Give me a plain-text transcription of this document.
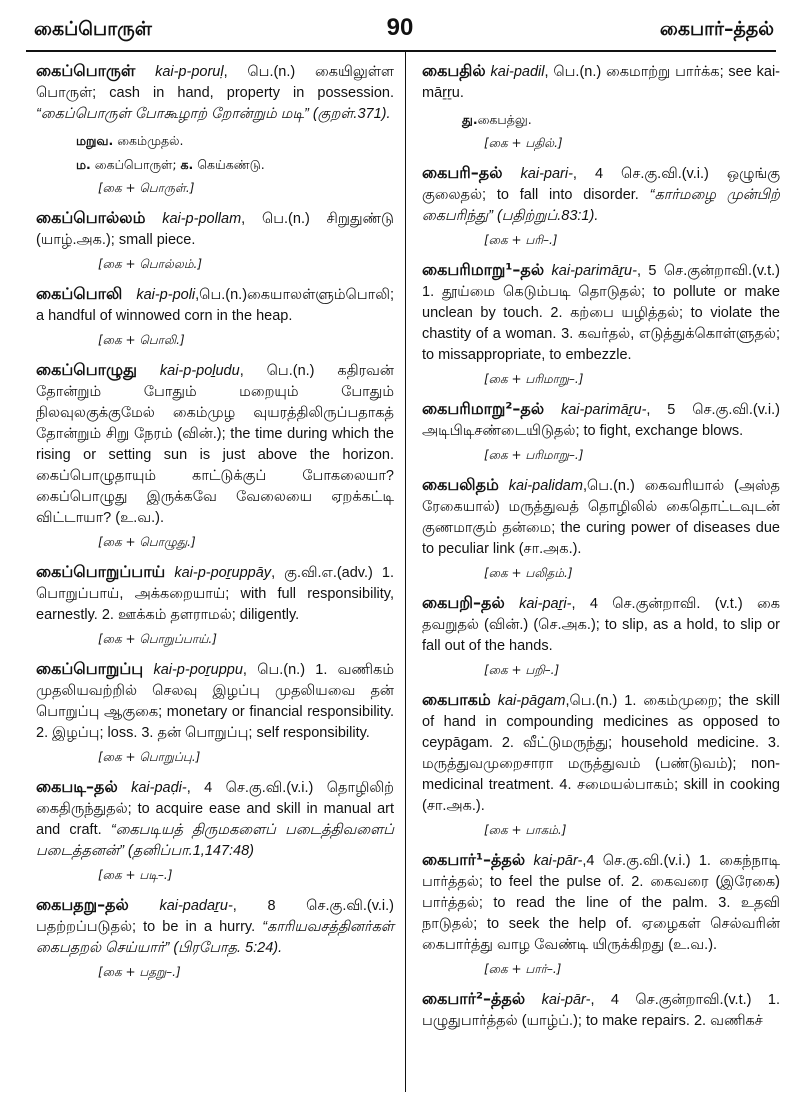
கைப்பொருள்	90	கைபார்–த்தல்
கைப்பொருள் kai-p-poruḷ, பெ.(n.) கையிலுள்ள பொருள்; cash in hand, property in possession. “கைப்பொருள் போகூழாற் றோன்றும் மடி” (குறள்.371).
மறுவ. கைம்முதல்.
ம. கைப்பொருள்; க. கெய்கண்டு.
[கை + பொருள்.]
கைப்பொல்லம் kai-p-pollam, பெ.(n.) சிறுதுண்டு (யாழ்.அக.); small piece.
[கை + பொல்லம்.]
கைப்பொலி kai-p-poli,பெ.(n.)கையாலள்ளும்பொலி; a handful of winnowed corn in the heap.
[கை + பொலி.]
கைப்பொழுது kai-p-poḻudu, பெ.(n.) கதிரவன் தோன்றும் போதும் மறையும் போதும் நிலவுலகுக்குமேல் கைம்முழ வுயரத்திலிருப்பதாகத் தோன்றும் சிறு நேரம் (வின்.); the time during which the rising or setting sun is just above the horizon. கைப்பொழுதாயும் காட்டுக்குப் போகலையா? கைப்பொழுது இருக்கவே வேலையை ஏறக்கட்டி விட்டாயா? (உ.வ.).
[கை + பொழுது.]
கைப்பொறுப்பாய் kai-p-poṟuppāy, கு.வி.எ.(adv.) 1. பொறுப்பாய், அக்கறையாய்; with full responsibility, earnestly. 2. ஊக்கம் தளராமல்; diligently.
[கை + பொறுப்பாய்.]
கைப்பொறுப்பு kai-p-poṟuppu, பெ.(n.) 1. வணிகம் முதலியவற்றில் செலவு இழப்பு முதலியவை தன் பொறுப்பு ஆகுகை; monetary or financial responsibility. 2. இழப்பு; loss. 3. தன் பொறுப்பு; self responsibility.
[கை + பொறுப்பு.]
கைபடி–தல் kai-paḍi-, 4 செ.கு.வி.(v.i.) தொழிலிற் கைதிருந்துதல்; to acquire ease and skill in manual art and craft. “கைபடியத் திருமகளைப் படைத்திவளைப் படைத்தனன்” (தனிப்பா.1,147:48)
[கை + படி–.]
கைபதறு–தல் kai-padaṟu-, 8 செ.கு.வி.(v.i.) பதற்றப்படுதல்; to be in a hurry. “காரியவசத்தினர்கள் கைபதறல் செய்யார்” (பிரபோத. 5:24).
[கை + பதறு–.]
கைபதில் kai-padil, பெ.(n.) கைமாற்று பார்க்க; see kai-māṟṟu.
து.கைபத்லு.
[கை + பதில்.]
கைபரி–தல் kai-pari-, 4 செ.கு.வி.(v.i.) ஒழுங்கு குலைதல்; to fall into disorder. “கார்மழை முன்பிற் கைபரிந்து” (பதிற்றுப்.83:1).
[கை + பரி–.]
கைபரிமாறு¹–தல் kai-parimāṟu-, 5 செ.குன்றாவி.(v.t.) 1. தூய்மை கெடும்படி தொடுதல்; to pollute or make unclean by touch. 2. கற்பை யழித்தல்; to violate the chastity of a woman. 3. கவர்தல், எடுத்துக்கொள்ளுதல்; to missappropriate, to embezzle.
[கை + பரிமாறு–.]
கைபரிமாறு²–தல் kai-parimāṟu-, 5 செ.கு.வி.(v.i.) அடிபிடிசண்டையிடுதல்; to fight, exchange blows.
[கை + பரிமாறு–.]
கைபலிதம் kai-palidam,பெ.(n.) கைவரியால் (அஸ்த ரேகையால்) மருத்துவத் தொழிலில் கைதொட்டவுடன் குணமாகும் தன்மை; the curing power of diseases due to peculiar link (சா.அக.).
[கை + பலிதம்.]
கைபறி–தல் kai-paṟi-, 4 செ.குன்றாவி. (v.t.) கை தவறுதல் (வின்.) (செ.அக.); to slip, as a hold, to slip or fall out of the hands.
[கை + பறி–.]
கைபாகம் kai-pāgam,பெ.(n.) 1. கைம்முறை; the skill of hand in compounding medicines as opposed to ceypāgam. 2. வீட்டுமருந்து; household medicine. 3. மருத்துவமுறைசாரா மருத்துவம் (பண்டுவம்); non-medicinal treatment. 4. சமையல்பாகம்; skill in cooking (சா.அக.).
[கை + பாகம்.]
கைபார்¹–த்தல் kai-pār-,4 செ.கு.வி.(v.i.) 1. கைந்நாடி பார்த்தல்; to feel the pulse of. 2. கைவரை (இரேகை) பார்த்தல்; to read the line of the palm. 3. உதவி நாடுதல்; to seek the help of. ஏழைகள் செல்வரின் கைபார்த்து வாழ வேண்டி யிருக்கிறது (உ.வ.).
[கை + பார்–.]
கைபார்²–த்தல் kai-pār-, 4 செ.குன்றாவி.(v.t.) 1. பழுதுபார்த்தல் (யாழ்ப்.); to make repairs. 2. வணிகச்
